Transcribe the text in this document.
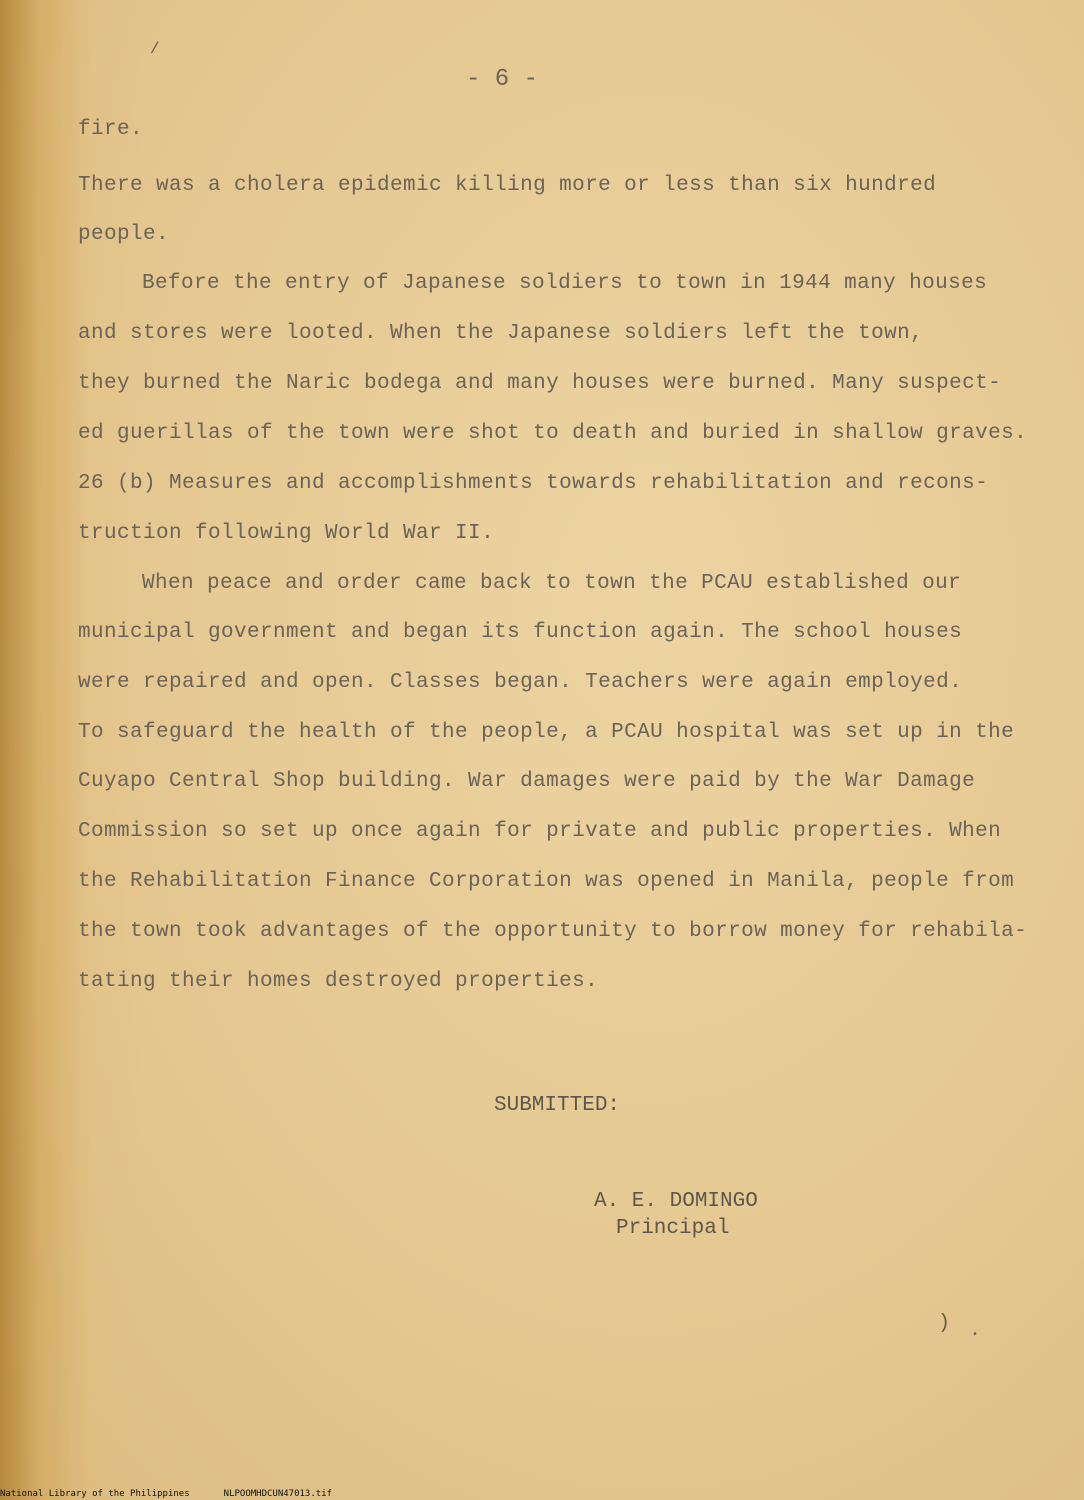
- 6 -
fire.
There was a cholera epidemic killing more or less than six hundred
people.
Before the entry of Japanese soldiers to town in 1944 many houses
and stores were looted. When the Japanese soldiers left the town,
they burned the Naric bodega and many houses were burned. Many suspect-
ed guerillas of the town were shot to death and buried in shallow graves.
26 (b) Measures and accomplishments towards rehabilitation and recons-
truction following World War II.
When peace and order came back to town the PCAU established our
municipal government and began its function again. The school houses
were repaired and open. Classes began. Teachers were again employed.
To safeguard the health of the people, a PCAU hospital was set up in the
Cuyapo Central Shop building. War damages were paid by the War Damage
Commission so set up once again for private and public properties. When
the Rehabilitation Finance Corporation was opened in Manila, people from
the town took advantages of the opportunity to borrow money for rehabila-
tating their homes destroyed properties.
SUBMITTED:
A. E. DOMINGO
Principal
/
)
•
National Library of the Philippines	NLPOOMHDCUN47013.tif
